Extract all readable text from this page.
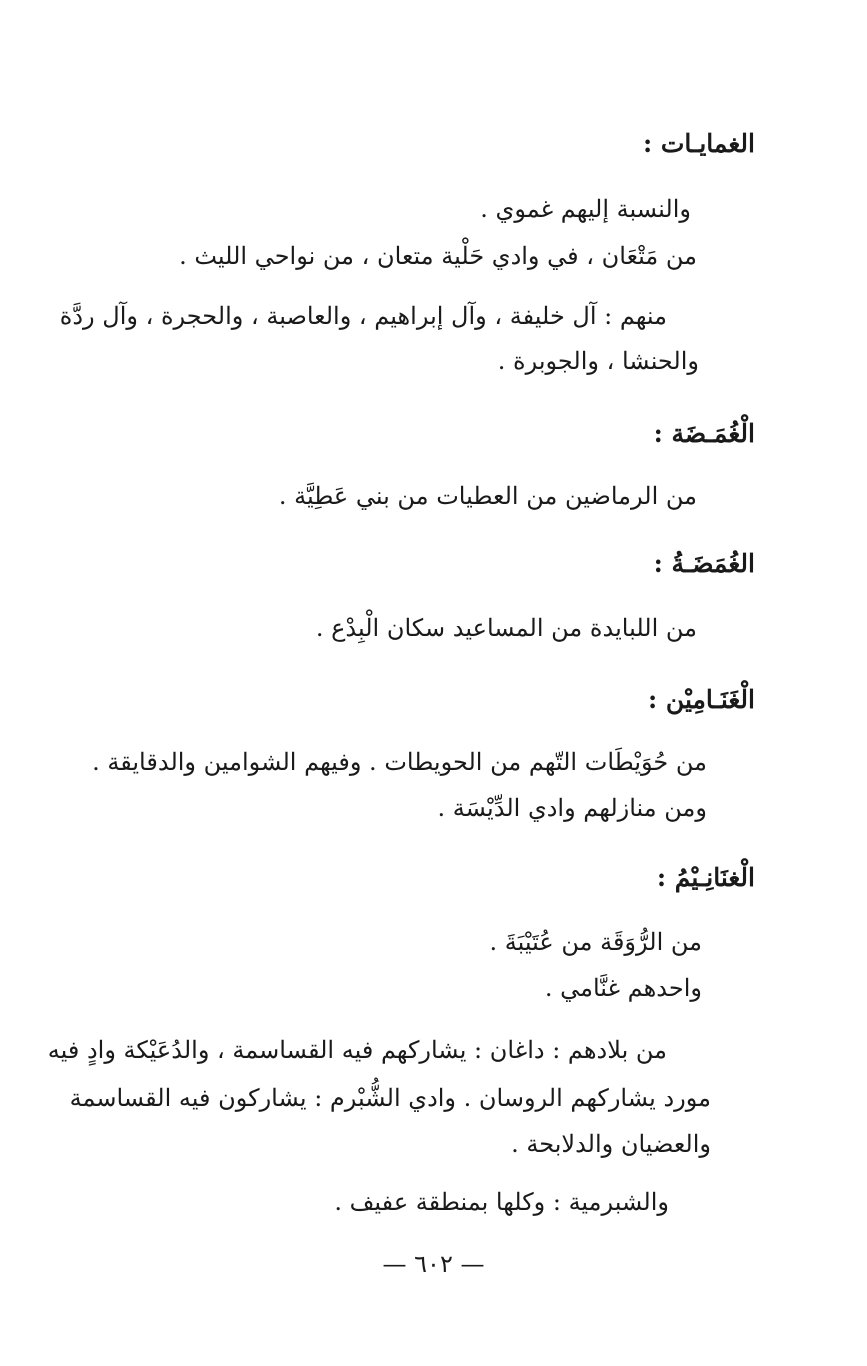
الغمايـات :
والنسبة إليهم غموي .
من مَتْعَان ، في وادي حَلْية متعان ، من نواحي الليث .
منهم : آل خليفة ، وآل إبراهيم ، والعاصبة ، والحجرة ، وآل ردَّة
والحنشا ، والجوبرة .
الْغُمَـضَة :
من الرماضين من العطيات من بني عَطِيَّة .
الغُمَضَـةُ :
من اللبايدة من المساعيد سكان الْبِدْع .
الْغَنَـامِيْن :
من حُوَيْطَات التّهم من الحويطات . وفيهم الشوامين والدقايقة .
ومن منازلهم وادي الدِّيْسَة .
الْغنَانِـيْمُ :
من الرُّوَقَة من عُتَيْبَةَ .
واحدهم غنَّامي .
من بلادهم : داغان : يشاركهم فيه القساسمة ، والدُعَيْكة وادٍ فيه
مورد يشاركهم الروسان . وادي الشُّبْرم : يشاركون فيه القساسمة
والعضيان والدلابحة .
والشبرمية : وكلها بمنطقة عفيف .
— ٦٠٢ —
